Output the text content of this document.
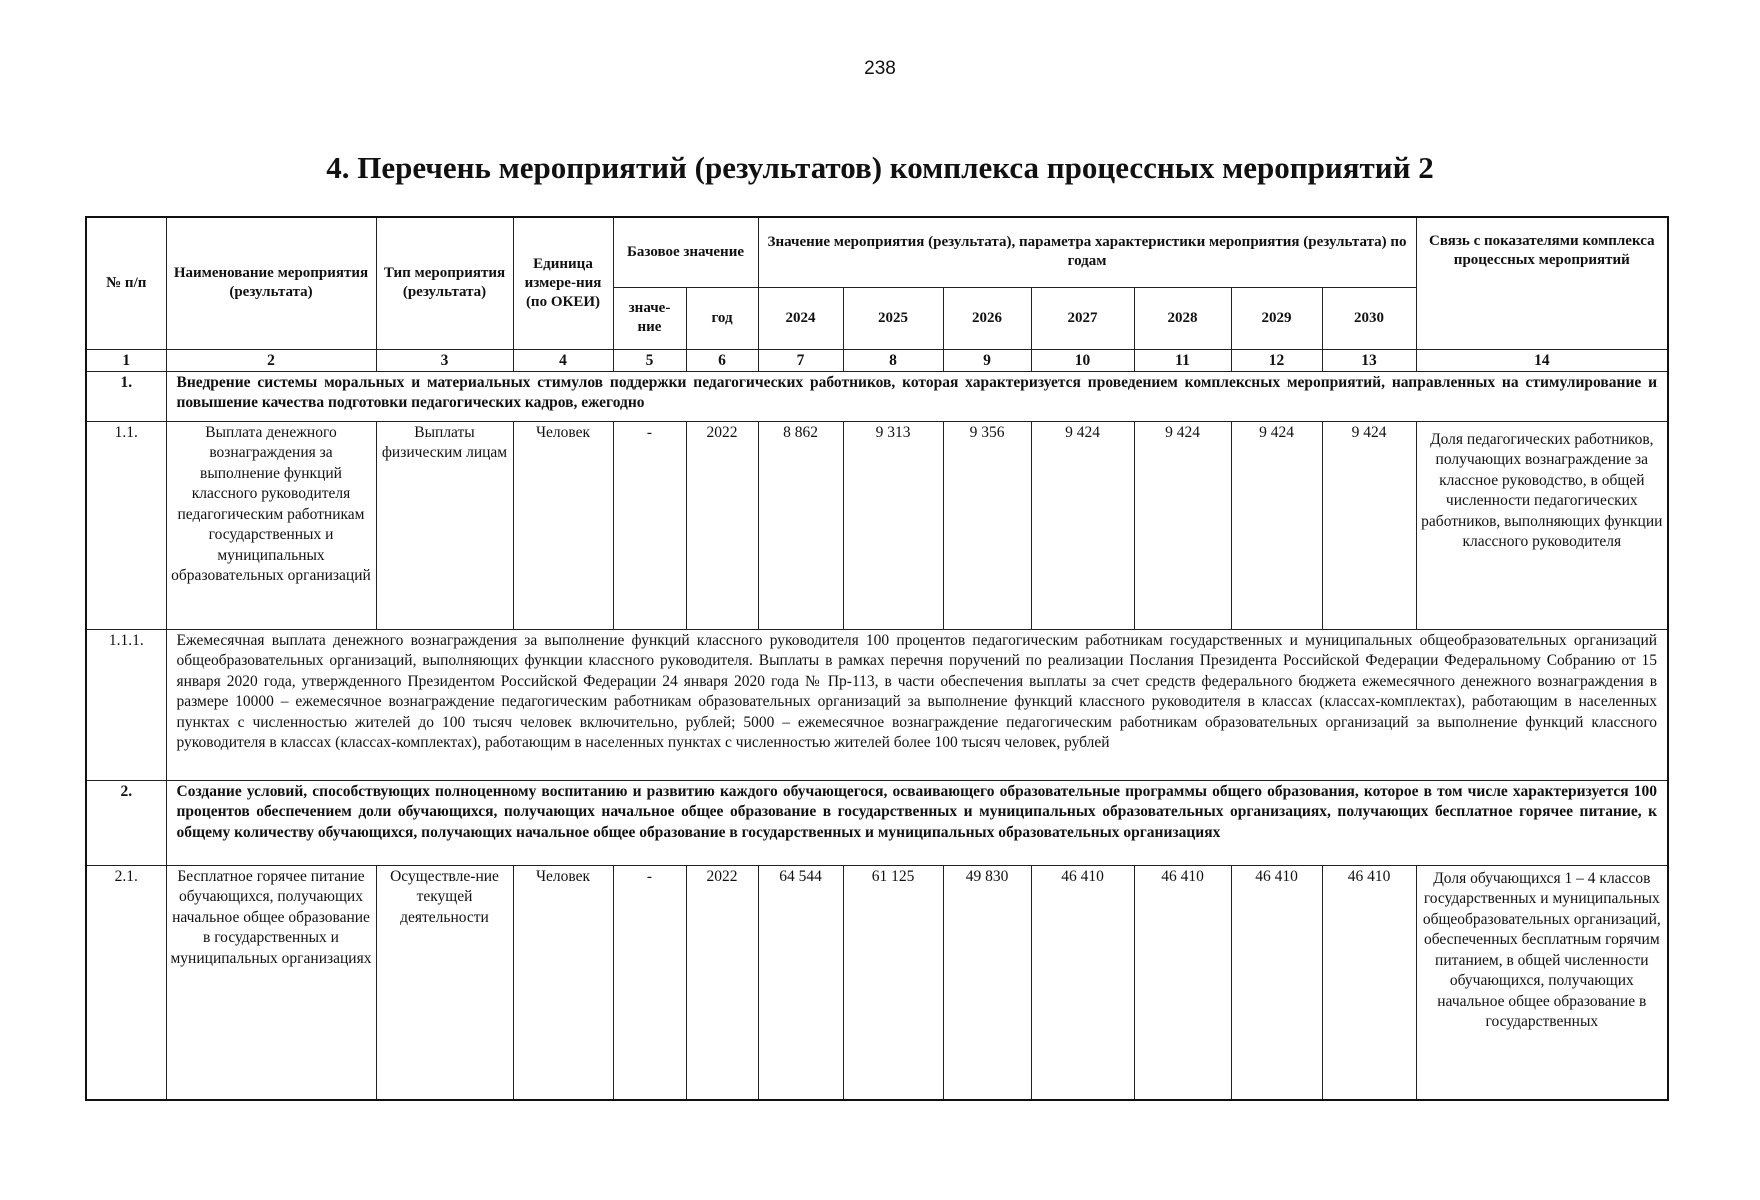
238
4. Перечень мероприятий (результатов) комплекса процессных мероприятий 2
№ п/п	Наименование мероприятия (результата)	Тип мероприятия (результата)	Единица измере-ния (по ОКЕИ)	Базовое значение		Значение мероприятия (результата), параметра характеристики мероприятия (результата) по годам							Связь с показателями комплекса процессных мероприятий
				значе-ние	год	2024	2025	2026	2027	2028	2029	2030	
1	2	3	4	5	6	7	8	9	10	11	12	13	14
1.	Внедрение системы моральных и материальных стимулов поддержки педагогических работников, которая характеризуется проведением комплексных мероприятий, направленных на стимулирование и повышение качества подготовки педагогических кадров, ежегодно												
1.1.	Выплата денежного вознаграждения за выполнение функций классного руководителя педагогическим работникам государственных и муниципальных образовательных организаций	Выплаты физическим лицам	Человек	-	2022	8 862	9 313	9 356	9 424	9 424	9 424	9 424	Доля педагогических работников, получающих вознаграждение за классное руководство, в общей численности педагогических работников, выполняющих функции классного руководителя
1.1.1.	Ежемесячная выплата денежного вознаграждения за выполнение функций классного руководителя 100 процентов педагогическим работникам государственных и муниципальных общеобразовательных организаций общеобразовательных организаций, выполняющих функции классного руководителя. Выплаты в рамках перечня поручений по реализации Послания Президента Российской Федерации Федеральному Собранию от 15 января 2020 года, утвержденного Президентом Российской Федерации 24 января 2020 года № Пр-113, в части обеспечения выплаты за счет средств федерального бюджета ежемесячного денежного вознаграждения в размере 10000 – ежемесячное вознаграждение педагогическим работникам образовательных организаций за выполнение функций классного руководителя в классах (классах-комплектах), работающим в населенных пунктах с численностью жителей до 100 тысяч человек включительно, рублей; 5000 – ежемесячное вознаграждение педагогическим работникам образовательных организаций за выполнение функций классного руководителя в классах (классах-комплектах), работающим в населенных пунктах с численностью жителей более 100 тысяч человек, рублей												
2.	Создание условий, способствующих полноценному воспитанию и развитию каждого обучающегося, осваивающего образовательные программы общего образования, которое в том числе характеризуется 100 процентов обеспечением доли обучающихся, получающих начальное общее образование в государственных и муниципальных образовательных организациях, получающих бесплатное горячее питание, к общему количеству обучающихся, получающих начальное общее образование в государственных и муниципальных образовательных организациях												
2.1.	Бесплатное горячее питание обучающихся, получающих начальное общее образование в государственных и муниципальных организациях	Осуществле-ние текущей деятельности	Человек	-	2022	64 544	61 125	49 830	46 410	46 410	46 410	46 410	Доля обучающихся 1 – 4 классов государственных и муниципальных общеобразовательных организаций, обеспеченных бесплатным горячим питанием, в общей численности обучающихся, получающих начальное общее образование в государственных
